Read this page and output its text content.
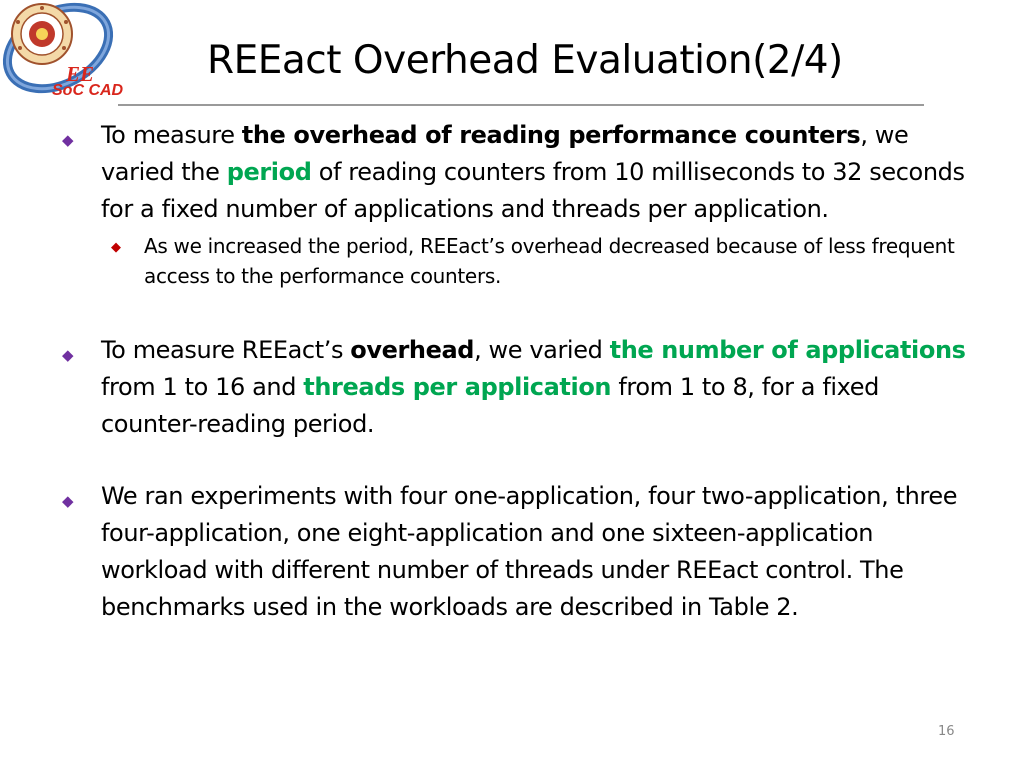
EE
SoC CAD
REEact Overhead Evaluation(2/4)
◆ To measure the overhead of reading performance counters, we varied the period of reading counters from 10 milliseconds to 32 seconds for a fixed number of applications and threads per application.
◆ As we increased the period, REEact’s overhead decreased because of less frequent access to the performance counters.
◆ To measure REEact’s overhead, we varied the number of applications from 1 to 16 and threads per application from 1 to 8, for a fixed counter-reading period.
◆ We ran experiments with four one-application, four two-application, three four-application, one eight-application and one sixteen-application workload with different number of threads under REEact control. The benchmarks used in the workloads are described in Table 2.
16
